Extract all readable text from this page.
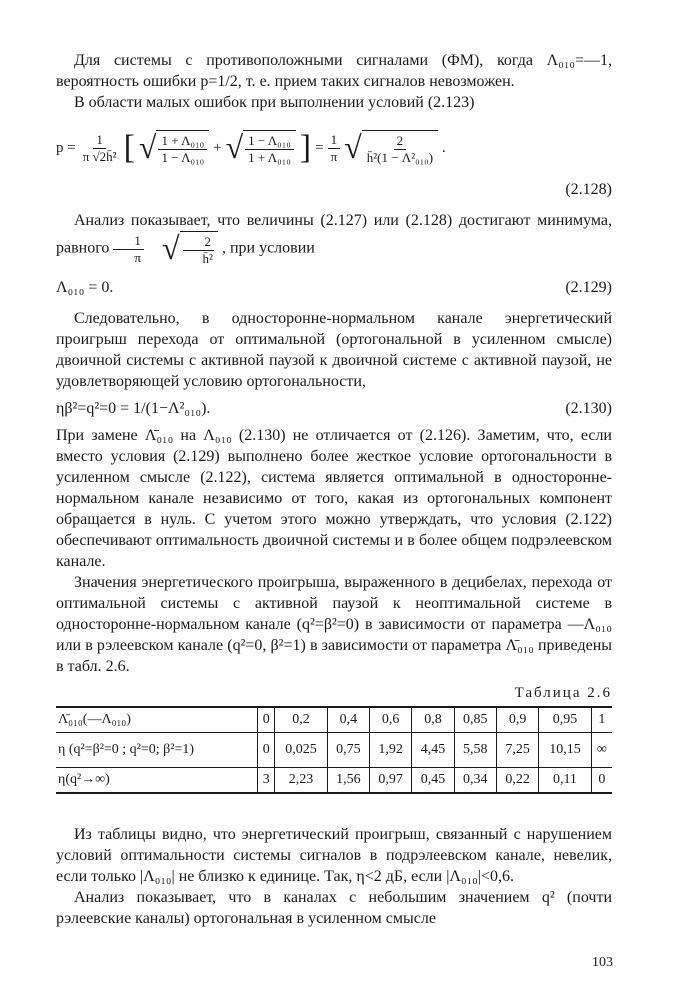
Для системы с противоположными сигналами (ФМ), когда Λ₀₁₀=—1, вероятность ошибки p=1/2, т. е. прием таких сигналов невозможен.

В области малых ошибок при выполнении условий (2.123)

$p = \frac{1}{\text{π √2h̄²}}$ [ √ $\frac{\text{1 + Λ₀₁₀}}{\text{1 − Λ₀₁₀}}$ + √ $\frac{\text{1 − Λ₀₁₀}}{\text{1 + Λ₀₁₀}}$ ] = $\frac{1}{\pi}$ √ $\frac{2}{\text{h̄²(1 − Λ²₀₁₀)}}$ .
(2.128)

Анализ показывает, что величины (2.127) или (2.128) достигают минимума, равного $\frac{1}{\pi}$ √ $\frac{2}{\text{h̄²}}$ , при условии

Λ₀₁₀ = 0.	(2.129)

Следовательно, в односторонне-нормальном канале энергетический проигрыш перехода от оптимальной (ортогональной в усиленном смысле) двоичной системы с активной паузой к двоичной системе с активной паузой, не удовлетворяющей условию ортогональности,

ηβ²=q²=0 = 1/(1−Λ²₀₁₀).	(2.130)

При замене Λ̄₀₁₀ на Λ₀₁₀ (2.130) не отличается от (2.126). Заметим, что, если вместо условия (2.129) выполнено более жесткое условие ортогональности в усиленном смысле (2.122), система является оптимальной в односторонне-нормальном канале независимо от того, какая из ортогональных компонент обращается в нуль. С учетом этого можно утверждать, что условия (2.122) обеспечивают оптимальность двоичной системы и в более общем подрэлеевском канале.

Значения энергетического проигрыша, выраженного в децибелах, перехода от оптимальной системы с активной паузой к неоптимальной системе в односторонне-нормальном канале (q²=β²=0) в зависимости от параметра —Λ₀₁₀ или в рэлеевском канале (q²=0, β²=1) в зависимости от параметра Λ̄₀₁₀ приведены в табл. 2.6.

Таблица 2.6
Λ̄₀₁₀(—Λ₀₁₀)	0	0,2	0,4	0,6	0,8	0,85	0,9	0,95	1
η (q²=β²=0 ; q²=0; β²=1)	0	0,025	0,75	1,92	4,45	5,58	7,25	10,15	∞
η(q²→∞)	3	2,23	1,56	0,97	0,45	0,34	0,22	0,11	0

Из таблицы видно, что энергетический проигрыш, связанный с нарушением условий оптимальности системы сигналов в подрэлеевском канале, невелик, если только |Λ₀₁₀| не близко к единице. Так, η<2 дБ, если |Λ₀₁₀|<0,6.

Анализ показывает, что в каналах с небольшим значением q² (почти рэлеевские каналы) ортогональная в усиленном смысле

103
